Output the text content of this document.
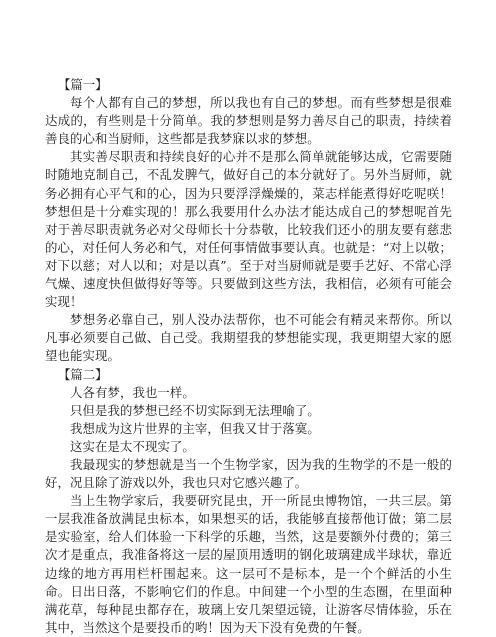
【篇一】

每个人都有自己的梦想，所以我也有自己的梦想。而有些梦想是很难达成的，有些则是十分简单。我的梦想则是努力善尽自己的职责，持续着善良的心和当厨师，这些都是我梦寐以求的梦想。

其实善尽职责和持续良好的心并不是那么简单就能够达成，它需要随时随地克制自己，不乱发脾气，做好自己的本分就好了。另外当厨师，就务必拥有心平气和的心，因为只要浮浮燥燥的，菜志样能煮得好吃呢咲！梦想但是十分难实现的！那么我要用什么办法才能达成自己的梦想呢首先对于善尽职责就务必对父母师长十分恭敬，比较我们还小的朋友要有慈悲的心，对任何人务必和气，对任何事情做事要认真。也就是：“对上以敬；对下以慈；对人以和；对是以真”。至于对当厨师就是要手艺好、不常心浮气燥、速度快但做得好等等。只要做到这些方法，我相信，必须有可能会实现！

梦想务必靠自己，别人没办法帮你，也不可能会有精灵来帮你。所以凡事必须要自己做、自己受。我期望我的梦想能实现，我更期望大家的愿望也能实现。

【篇二】

人各有梦，我也一样。

只但是我的梦想已经不切实际到无法理喻了。

我想成为这片世界的主宰，但我又甘于落寞。

这实在是太不现实了。

我最现实的梦想就是当一个生物学家，因为我的生物学的不是一般的好，况且除了游戏以外，我也只对它感兴趣了。

当上生物学家后，我要研究昆虫，开一所昆虫博物馆，一共三层。第一层我准备放满昆虫标本，如果想买的话，我能够直接帮他订做；第二层是实验室，给人们体验一下科学的乐趣，当然，这是要额外付费的；第三次才是重点，我准备将这一层的屋顶用透明的钢化玻璃建成半球状，靠近边缘的地方再用栏杆围起来。这一层可不是标本，是一个个鲜活的小生命。日出日落，不影响它们的作息。中间建一个小型的生态圈，在里面种满花草，每种昆虫都存在，玻璃上安几架望远镜，让游客尽情体验，乐在其中，当然这个是要投币的哟！因为天下没有免费的午餐。
